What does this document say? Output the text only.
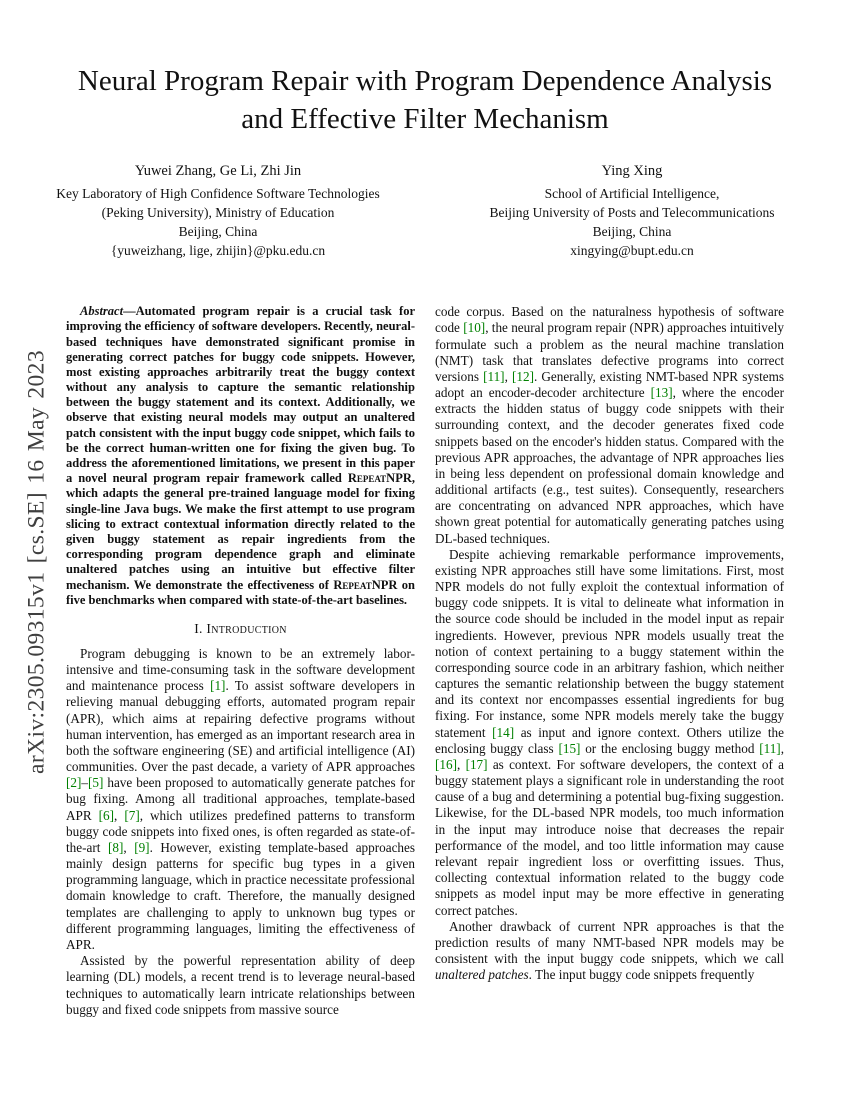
arXiv:2305.09315v1 [cs.SE] 16 May 2023
Neural Program Repair with Program Dependence Analysis and Effective Filter Mechanism
Yuwei Zhang, Ge Li, Zhi Jin
Key Laboratory of High Confidence Software Technologies
(Peking University), Ministry of Education
Beijing, China
{yuweizhang, lige, zhijin}@pku.edu.cn
Ying Xing
School of Artificial Intelligence,
Beijing University of Posts and Telecommunications
Beijing, China
xingying@bupt.edu.cn

Abstract—Automated program repair is a crucial task for improving the efficiency of software developers. Recently, neural-based techniques have demonstrated significant promise in generating correct patches for buggy code snippets. However, most existing approaches arbitrarily treat the buggy context without any analysis to capture the semantic relationship between the buggy statement and its context. Additionally, we observe that existing neural models may output an unaltered patch consistent with the input buggy code snippet, which fails to be the correct human-written one for fixing the given bug. To address the aforementioned limitations, we present in this paper a novel neural program repair framework called RepeatNPR, which adapts the general pre-trained language model for fixing single-line Java bugs. We make the first attempt to use program slicing to extract contextual information directly related to the given buggy statement as repair ingredients from the corresponding program dependence graph and eliminate unaltered patches using an intuitive but effective filter mechanism. We demonstrate the effectiveness of RepeatNPR on five benchmarks when compared with state-of-the-art baselines.

I. Introduction

Program debugging is known to be an extremely labor-intensive and time-consuming task in the software development and maintenance process [1]. To assist software developers in relieving manual debugging efforts, automated program repair (APR), which aims at repairing defective programs without human intervention, has emerged as an important research area in both the software engineering (SE) and artificial intelligence (AI) communities. Over the past decade, a variety of APR approaches [2]–[5] have been proposed to automatically generate patches for bug fixing. Among all traditional approaches, template-based APR [6], [7], which utilizes predefined patterns to transform buggy code snippets into fixed ones, is often regarded as state-of-the-art [8], [9]. However, existing template-based approaches mainly design patterns for specific bug types in a given programming language, which in practice necessitate professional domain knowledge to craft. Therefore, the manually designed templates are challenging to apply to unknown bug types or different programming languages, limiting the effectiveness of APR.

Assisted by the powerful representation ability of deep learning (DL) models, a recent trend is to leverage neural-based techniques to automatically learn intricate relationships between buggy and fixed code snippets from massive source

code corpus. Based on the naturalness hypothesis of software code [10], the neural program repair (NPR) approaches intuitively formulate such a problem as the neural machine translation (NMT) task that translates defective programs into correct versions [11], [12]. Generally, existing NMT-based NPR systems adopt an encoder-decoder architecture [13], where the encoder extracts the hidden status of buggy code snippets with their surrounding context, and the decoder generates fixed code snippets based on the encoder's hidden status. Compared with the previous APR approaches, the advantage of NPR approaches lies in being less dependent on professional domain knowledge and additional artifacts (e.g., test suites). Consequently, researchers are concentrating on advanced NPR approaches, which have shown great potential for automatically generating patches using DL-based techniques.

Despite achieving remarkable performance improvements, existing NPR approaches still have some limitations. First, most NPR models do not fully exploit the contextual information of buggy code snippets. It is vital to delineate what information in the source code should be included in the model input as repair ingredients. However, previous NPR models usually treat the notion of context pertaining to a buggy statement within the corresponding source code in an arbitrary fashion, which neither captures the semantic relationship between the buggy statement and its context nor encompasses essential ingredients for bug fixing. For instance, some NPR models merely take the buggy statement [14] as input and ignore context. Others utilize the enclosing buggy class [15] or the enclosing buggy method [11], [16], [17] as context. For software developers, the context of a buggy statement plays a significant role in understanding the root cause of a bug and determining a potential bug-fixing suggestion. Likewise, for the DL-based NPR models, too much information in the input may introduce noise that decreases the repair performance of the model, and too little information may cause relevant repair ingredient loss or overfitting issues. Thus, collecting contextual information related to the buggy code snippets as model input may be more effective in generating correct patches.

Another drawback of current NPR approaches is that the prediction results of many NMT-based NPR models may be consistent with the input buggy code snippets, which we call unaltered patches. The input buggy code snippets frequently
